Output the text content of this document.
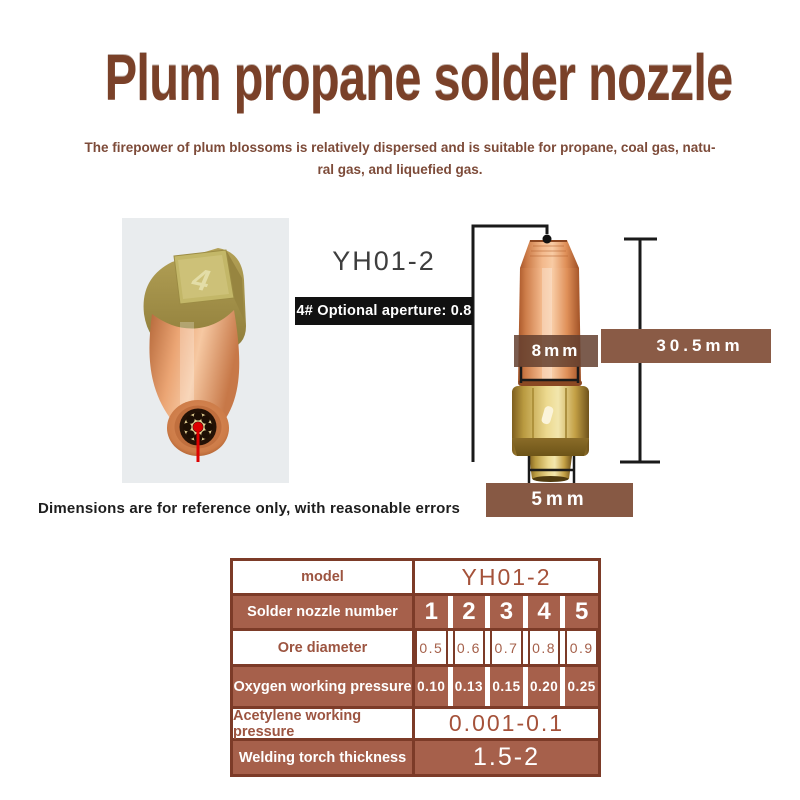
Plum propane solder nozzle
The firepower of plum blossoms is relatively dispersed and is suitable for propane, coal gas, natu-
ral gas, and liquefied gas.
4
YH01-2
4# Optional aperture: 0.8
8mm	30.5mm
5mm
Dimensions are for reference only, with reasonable errors
model	YH01-2
Solder nozzle number	1	2	3	4	5
Ore diameter	0.5 0.6 0.7 0.8 0.9
Oxygen working pressure 0.10 0.13 0.15 0.20 0.25
Acetylene working pressure	0.001-0.1
Welding torch thickness	1.5-2
